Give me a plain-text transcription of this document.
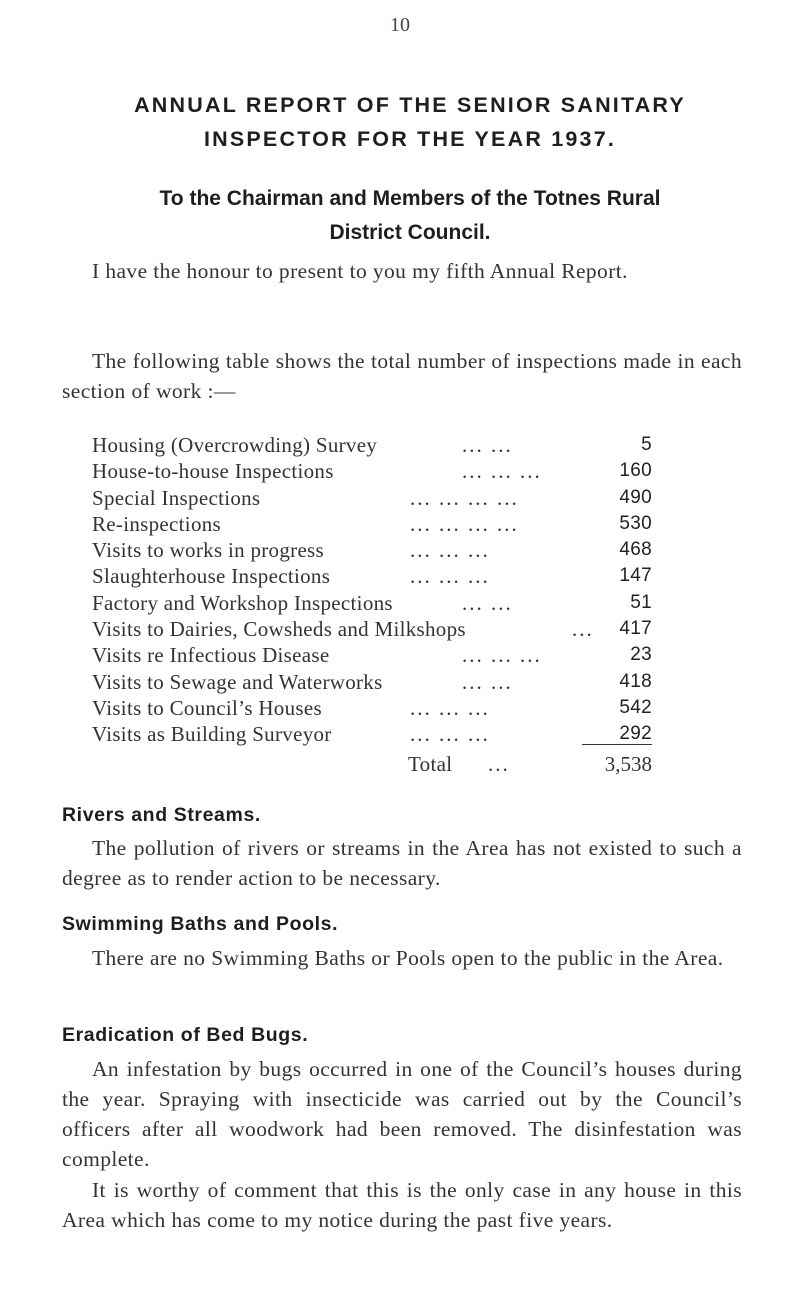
10
ANNUAL REPORT OF THE SENIOR SANITARY
INSPECTOR FOR THE YEAR 1937.
To the Chairman and Members of the Totnes Rural
District Council.

I have the honour to present to you my fifth Annual Report.

The following table shows the total number of inspections made in each section of work :—

Housing (Overcrowding) Survey	... ...	5
House-to-house Inspections	... ... ...	160
Special Inspections	... ... ... ...	490
Re-inspections	... ... ... ...	530
Visits to works in progress	... ... ...	468
Slaughterhouse Inspections	... ... ...	147
Factory and Workshop Inspections	... ...	51
Visits to Dairies, Cowsheds and Milkshops	...	417
Visits re Infectious Disease	... ... ...	23
Visits to Sewage and Waterworks	... ...	418
Visits to Council’s Houses	... ... ...	542
Visits as Building Surveyor	... ... ...	292
Total ...	3,538
Rivers and Streams.

The pollution of rivers or streams in the Area has not existed to such a degree as to render action to be necessary.

Swimming Baths and Pools.

There are no Swimming Baths or Pools open to the public in the Area.

Eradication of Bed Bugs.

An infestation by bugs occurred in one of the Council’s houses during the year. Spraying with insecticide was carried out by the Council’s officers after all woodwork had been removed. The disinfestation was complete.

It is worthy of comment that this is the only case in any house in this Area which has come to my notice during the past five years.
